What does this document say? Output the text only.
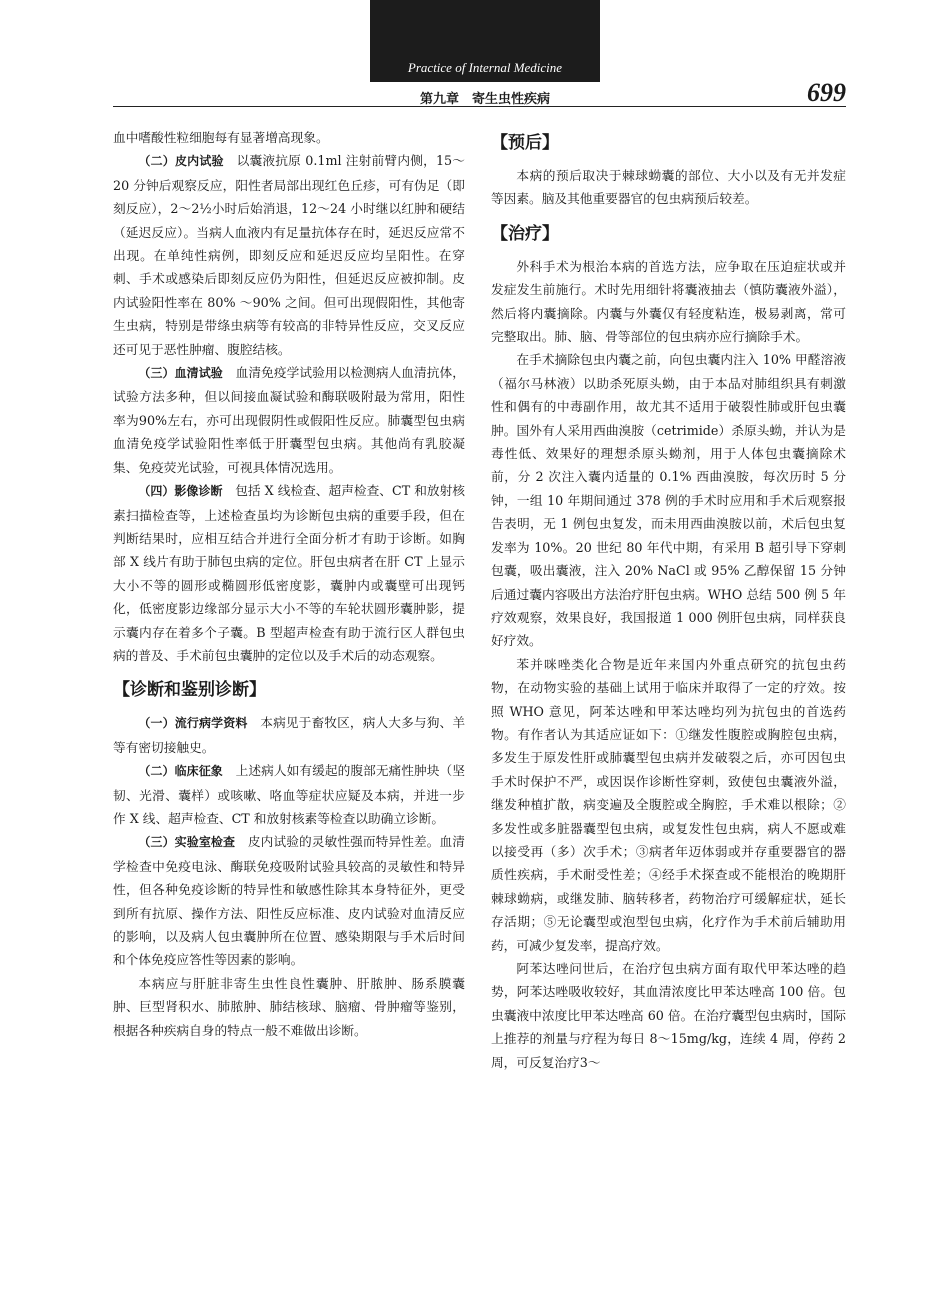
Practice of Internal Medicine
第九章　寄生虫性疾病	699

血中嗜酸性粒细胞每有显著增高现象。

（二）皮内试验　 以囊液抗原 0.1ml 注射前臂内侧，15～20 分钟后观察反应，阳性者局部出现红色丘疹，可有伪足（即刻反应），2～2½小时后始消退，12～24 小时继以红肿和硬结（延迟反应）。当病人血液内有足量抗体存在时，延迟反应常不出现。在单纯性病例，即刻反应和延迟反应均呈阳性。在穿刺、手术或感染后即刻反应仍为阳性，但延迟反应被抑制。皮内试验阳性率在 80% ～90% 之间。但可出现假阳性，其他寄生虫病，特别是带绦虫病等有较高的非特异性反应，交叉反应还可见于恶性肿瘤、腹腔结核。

（三）血清试验　 血清免疫学试验用以检测病人血清抗体，试验方法多种，但以间接血凝试验和酶联吸附最为常用，阳性率为90%左右，亦可出现假阴性或假阳性反应。肺囊型包虫病血清免疫学试验阳性率低于肝囊型包虫病。其他尚有乳胶凝集、免疫荧光试验，可视具体情况选用。

（四）影像诊断　 包括 X 线检查、超声检查、CT 和放射核素扫描检查等，上述检查虽均为诊断包虫病的重要手段，但在判断结果时，应相互结合并进行全面分析才有助于诊断。如胸部 X 线片有助于肺包虫病的定位。肝包虫病者在肝 CT 上显示大小不等的圆形或椭圆形低密度影，囊肿内或囊壁可出现钙化，低密度影边缘部分显示大小不等的车轮状圆形囊肿影，提示囊内存在着多个子囊。B 型超声检查有助于流行区人群包虫病的普及、手术前包虫囊肿的定位以及手术后的动态观察。

【诊断和鉴别诊断】

（一）流行病学资料　 本病见于畜牧区，病人大多与狗、羊等有密切接触史。

（二）临床征象　 上述病人如有缓起的腹部无痛性肿块（坚韧、光滑、囊样）或咳嗽、咯血等症状应疑及本病，并进一步作 X 线、超声检查、CT 和放射核素等检查以助确立诊断。

（三）实验室检查　 皮内试验的灵敏性强而特异性差。血清学检查中免疫电泳、酶联免疫吸附试验具较高的灵敏性和特异性，但各种免疫诊断的特异性和敏感性除其本身特征外，更受到所有抗原、操作方法、阳性反应标准、皮内试验对血清反应的影响，以及病人包虫囊肿所在位置、感染期限与手术后时间和个体免疫应答性等因素的影响。

本病应与肝脏非寄生虫性良性囊肿、肝脓肿、肠系膜囊肿、巨型肾积水、肺脓肿、肺结核球、脑瘤、骨肿瘤等鉴别，根据各种疾病自身的特点一般不难做出诊断。

【预后】

本病的预后取决于棘球蚴囊的部位、大小以及有无并发症等因素。脑及其他重要器官的包虫病预后较差。

【治疗】

外科手术为根治本病的首选方法，应争取在压迫症状或并发症发生前施行。术时先用细针将囊液抽去（慎防囊液外溢），然后将内囊摘除。内囊与外囊仅有轻度粘连，极易剥离，常可完整取出。肺、脑、骨等部位的包虫病亦应行摘除手术。

在手术摘除包虫内囊之前，向包虫囊内注入 10% 甲醛溶液（福尔马林液）以助杀死原头蚴，由于本品对肺组织具有刺激性和偶有的中毒副作用，故尤其不适用于破裂性肺或肝包虫囊肿。国外有人采用西曲溴胺（cetrimide）杀原头蚴，并认为是毒性低、效果好的理想杀原头蚴剂，用于人体包虫囊摘除术前，分 2 次注入囊内适量的 0.1% 西曲溴胺，每次历时 5 分钟，一组 10 年期间通过 378 例的手术时应用和手术后观察报告表明，无 1 例包虫复发，而未用西曲溴胺以前，术后包虫复发率为 10%。20 世纪 80 年代中期，有采用 B 超引导下穿刺包囊，吸出囊液，注入 20% NaCl 或 95% 乙醇保留 15 分钟后通过囊内容吸出方法治疗肝包虫病。WHO 总结 500 例 5 年疗效观察，效果良好，我国报道 1 000 例肝包虫病，同样获良好疗效。

苯并咪唑类化合物是近年来国内外重点研究的抗包虫药物，在动物实验的基础上试用于临床并取得了一定的疗效。按照 WHO 意见，阿苯达唑和甲苯达唑均列为抗包虫的首选药物。有作者认为其适应证如下：①继发性腹腔或胸腔包虫病，多发生于原发性肝或肺囊型包虫病并发破裂之后，亦可因包虫手术时保护不严，或因误作诊断性穿刺，致使包虫囊液外溢，继发种植扩散，病变遍及全腹腔或全胸腔，手术难以根除；②多发性或多脏器囊型包虫病，或复发性包虫病，病人不愿或难以接受再（多）次手术；③病者年迈体弱或并存重要器官的器质性疾病，手术耐受性差；④经手术探查或不能根治的晚期肝棘球蚴病，或继发肺、脑转移者，药物治疗可缓解症状，延长存活期；⑤无论囊型或泡型包虫病，化疗作为手术前后辅助用药，可减少复发率，提高疗效。

阿苯达唑问世后，在治疗包虫病方面有取代甲苯达唑的趋势，阿苯达唑吸收较好，其血清浓度比甲苯达唑高 100 倍。包虫囊液中浓度比甲苯达唑高 60 倍。在治疗囊型包虫病时，国际上推荐的剂量与疗程为每日 8～15mg/kg，连续 4 周，停药 2 周，可反复治疗3～
